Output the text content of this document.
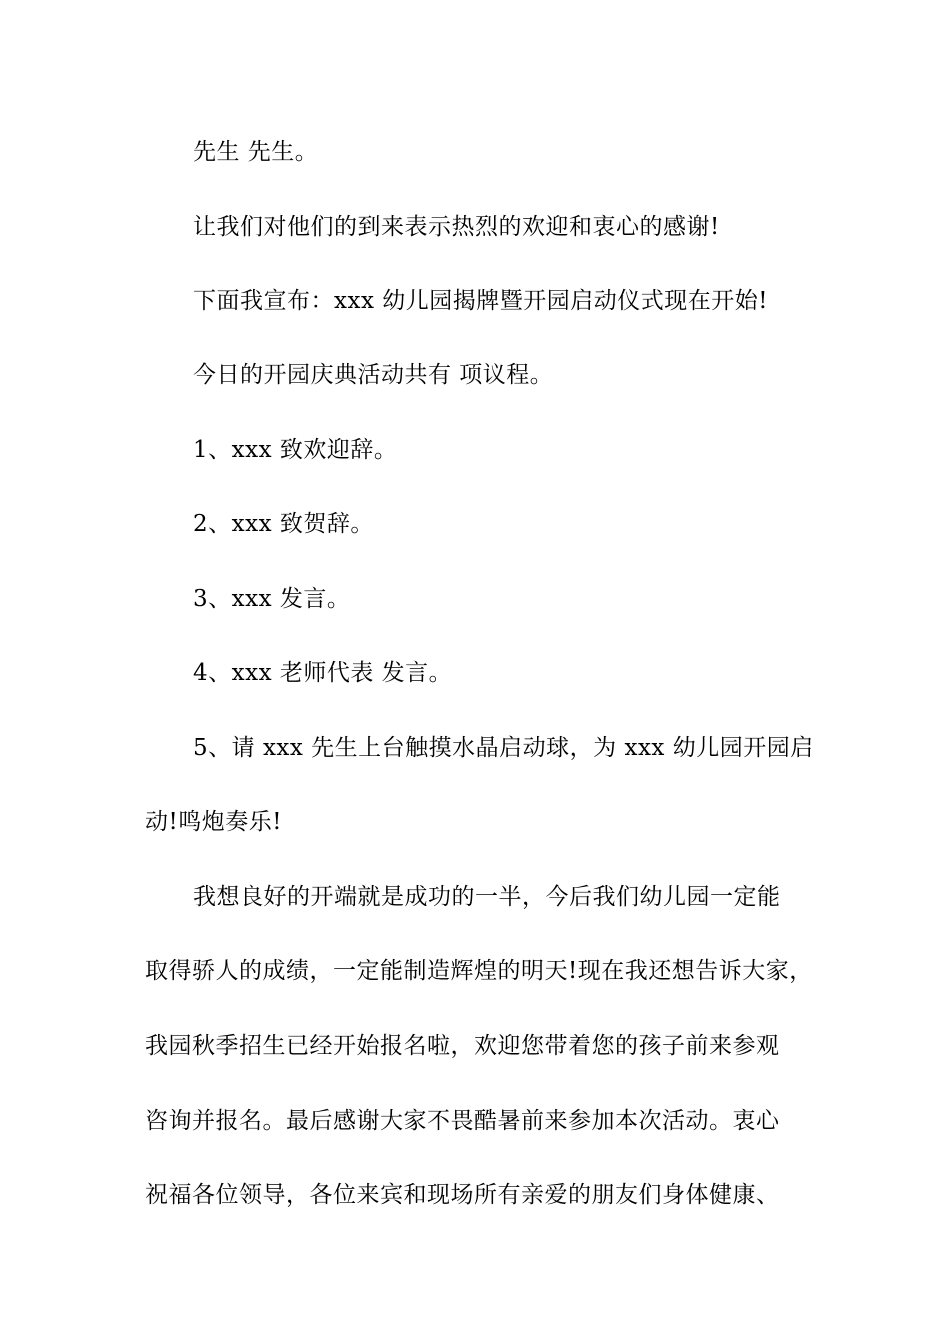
先生 先生。
让我们对他们的到来表示热烈的欢迎和衷心的感谢!
下面我宣布：xxx 幼儿园揭牌暨开园启动仪式现在开始!
今日的开园庆典活动共有 项议程。
1、xxx 致欢迎辞。
2、xxx 致贺辞。
3、xxx 发言。
4、xxx 老师代表 发言。
5、请 xxx 先生上台触摸水晶启动球，为 xxx 幼儿园开园启
动!鸣炮奏乐!
我想良好的开端就是成功的一半，今后我们幼儿园一定能
取得骄人的成绩，一定能制造辉煌的明天!现在我还想告诉大家，
我园秋季招生已经开始报名啦，欢迎您带着您的孩子前来参观
咨询并报名。最后感谢大家不畏酷暑前来参加本次活动。衷心
祝福各位领导，各位来宾和现场所有亲爱的朋友们身体健康、
